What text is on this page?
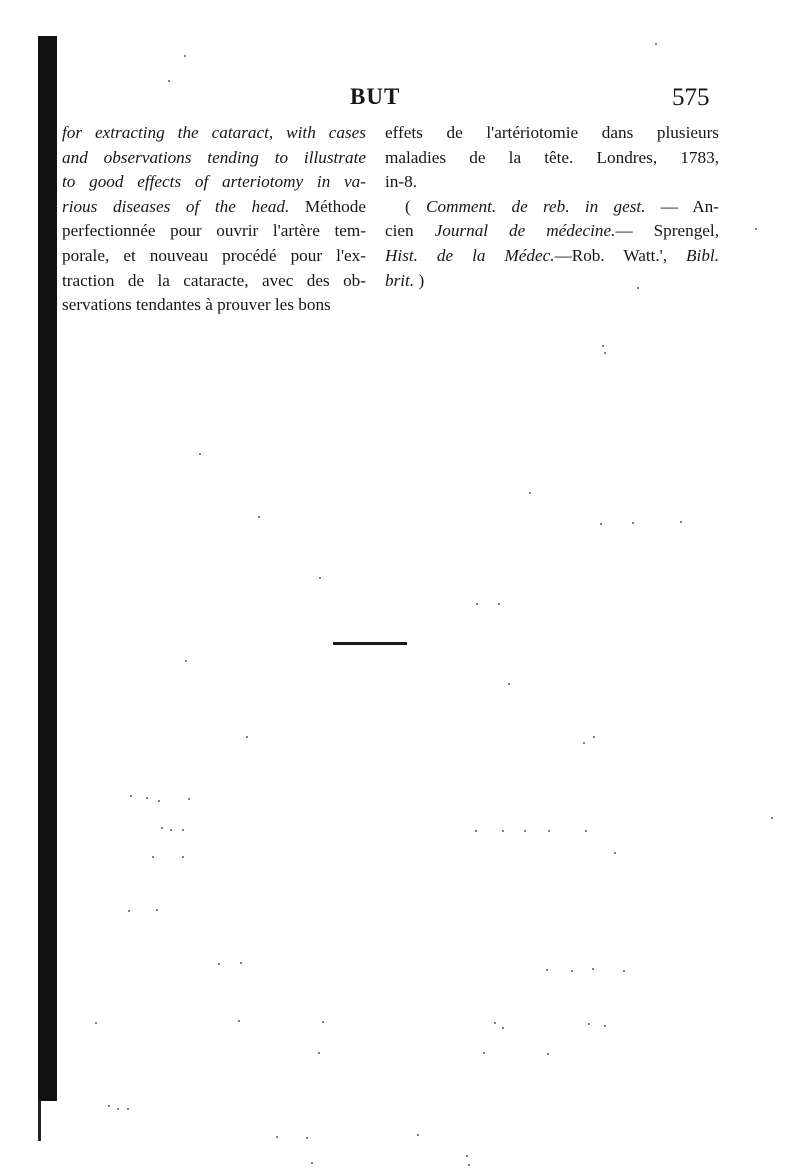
BUT	575
for extracting the cataract, with cases
and observations tending to illustrate
to good effects of arteriotomy in va-
rious diseases of the head. Méthode
perfectionnée pour ouvrir l'artère tem-
porale, et nouveau procédé pour l'ex-
traction de la cataracte, avec des ob-
servations tendantes à prouver les bons
effets de l'artériotomie dans plusieurs
maladies de la tête. Londres, 1783,
in-8.
( Comment. de reb. in gest. — An-
cien Journal de médecine.— Sprengel,
Hist. de la Médec.—Rob. Watt.', Bibl.
brit. )
